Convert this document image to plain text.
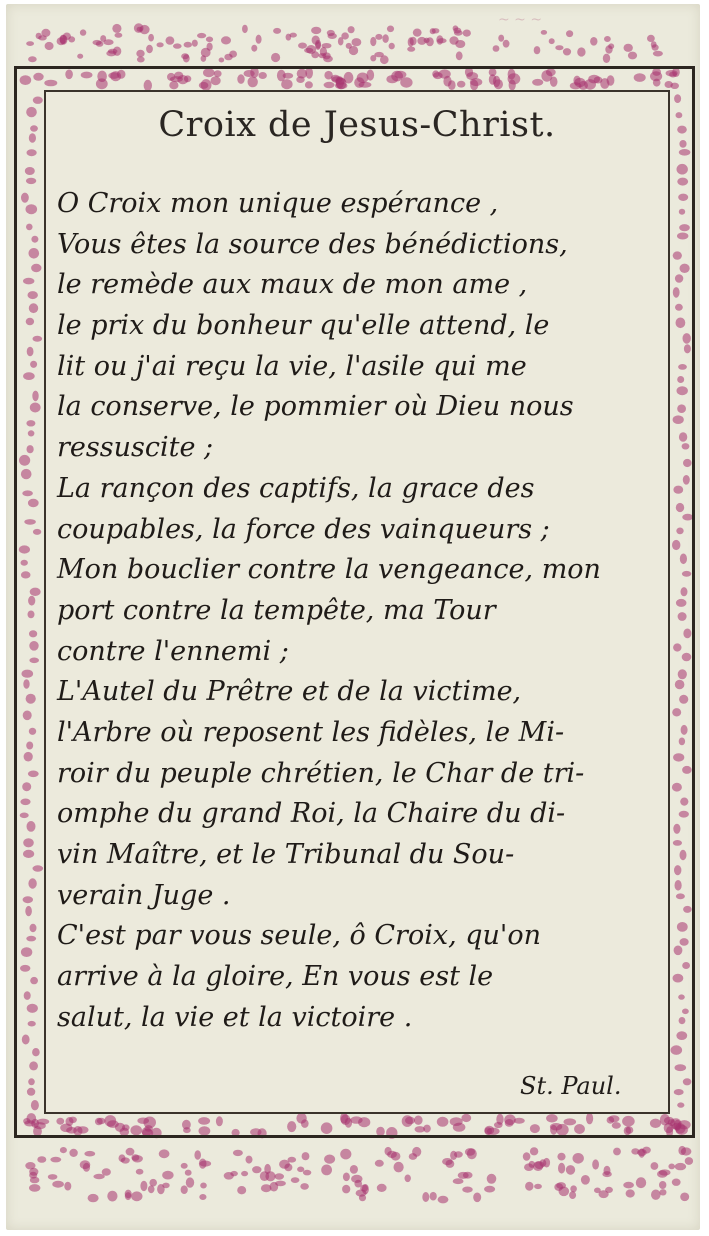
~ ~ ~
Croix de Jesus-Christ.
O Croix mon unique espérance ,
Vous êtes la source des bénédictions,
le remède aux maux de mon ame ,
le prix du bonheur qu'elle attend, le
lit ou j'ai reçu la vie, l'asile qui me
la conserve, le pommier où Dieu nous
ressuscite ;
La rançon des captifs, la grace des
coupables, la force des vainqueurs ;
Mon bouclier contre la vengeance, mon
port contre la tempête, ma Tour
contre l'ennemi ;
L'Autel du Prêtre et de la victime,
l'Arbre où reposent les fidèles, le Mi-
roir du peuple chrétien, le Char de tri-
omphe du grand Roi, la Chaire du di-
vin Maître, et le Tribunal du Sou-
verain Juge .
C'est par vous seule, ô Croix, qu'on
arrive à la gloire, En vous est le
salut, la vie et la victoire .
St. Paul.
